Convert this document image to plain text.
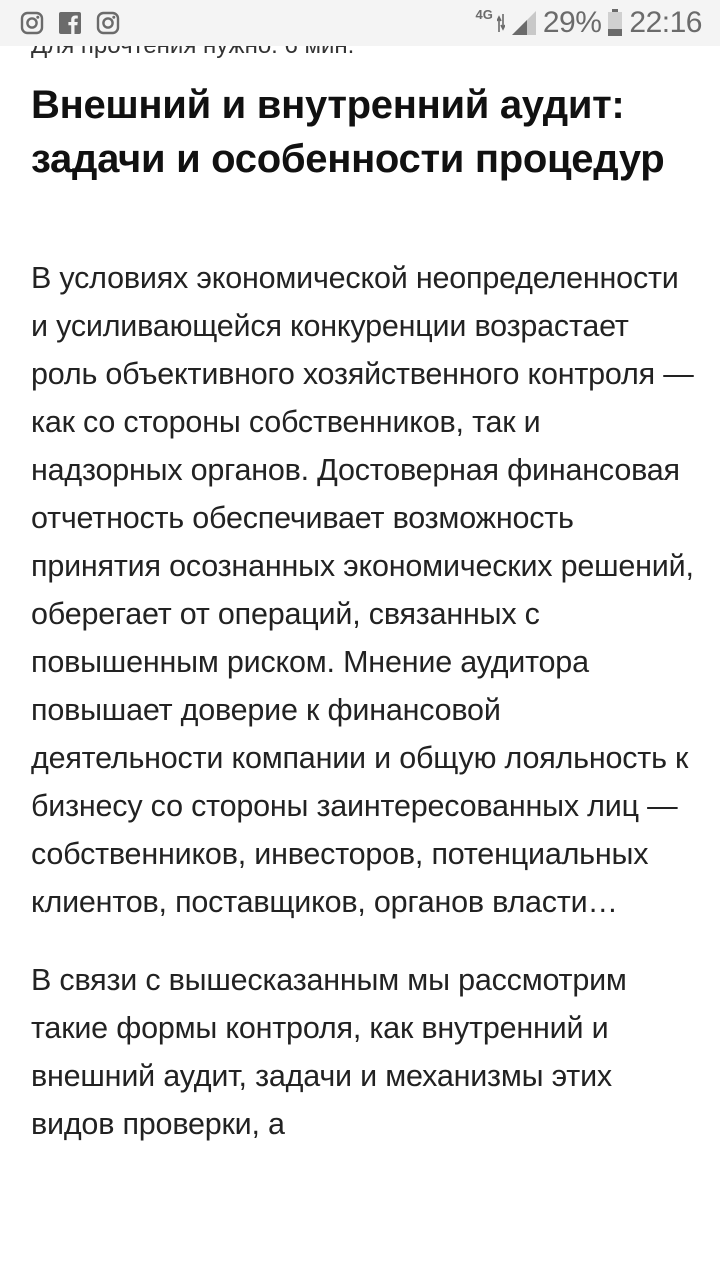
Внешний и внутренний аудит: задачи и особенности процедур

В условиях экономической неопределенности и усиливающейся конкуренции возрастает роль объективного хозяйственного контроля — как со стороны собственников, так и надзорных органов. Достоверная финансовая отчетность обеспечивает возможность принятия осознанных экономических решений, оберегает от операций, связанных с повышенным риском. Мнение аудитора повышает доверие к финансовой деятельности компании и общую лояльность к бизнесу со стороны заинтересованных лиц — собственников, инвесторов, потенциальных клиентов, поставщиков, органов власти…

В связи с вышесказанным мы рассмотрим такие формы контроля, как внутренний и внешний аудит, задачи и механизмы этих видов проверки, а

4G 29% 22:16
